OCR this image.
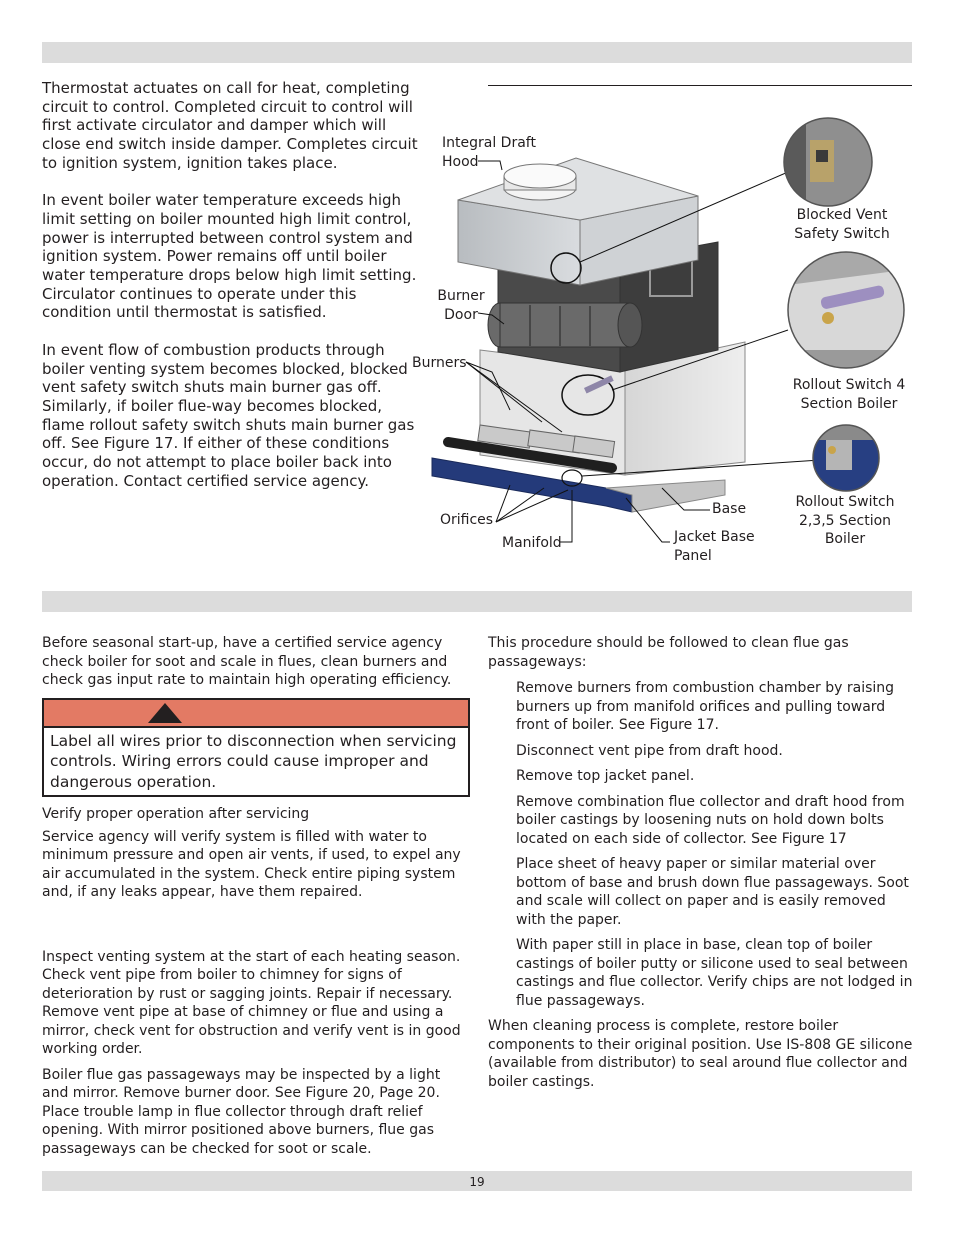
Thermostat actuates on call for heat, completing circuit to control. Completed circuit to control will first activate circulator and damper which will close end switch inside damper. Completes circuit to ignition system, ignition takes place.

In event boiler water temperature exceeds high limit setting on boiler mounted high limit control, power is interrupted between control system and ignition system. Power remains off until boiler water temperature drops below high limit setting. Circulator continues to operate under this condition until thermostat is satisfied.

In event flow of combustion products through boiler venting system becomes blocked, blocked vent safety switch shuts main burner gas off. Similarly, if boiler flue-way becomes blocked, flame rollout safety switch shuts main burner gas off. See Figure 17. If either of these conditions occur, do not attempt to place boiler back into operation. Contact certified service agency.

Integral Draft Hood
Burner Door
Burners
Orifices
Manifold	Jacket Base Panel
Base
Blocked Vent Safety Switch
Rollout Switch 4 Section Boiler
Rollout Switch 2,3,5 Section Boiler

Before seasonal start-up, have a certified service agency check boiler for soot and scale in flues, clean burners and check gas input rate to maintain high operating efficiency.

Label all wires prior to disconnection when servicing controls. Wiring errors could cause improper and dangerous operation.

Verify proper operation after servicing

Service agency will verify system is filled with water to minimum pressure and open air vents, if used, to expel any air accumulated in the system. Check entire piping system and, if any leaks appear, have them repaired.

Inspect venting system at the start of each heating season. Check vent pipe from boiler to chimney for signs of deterioration by rust or sagging joints. Repair if necessary. Remove vent pipe at base of chimney or flue and using a mirror, check vent for obstruction and verify vent is in good working order.

Boiler flue gas passageways may be inspected by a light and mirror. Remove burner door. See Figure 20, Page 20. Place trouble lamp in flue collector through draft relief opening. With mirror positioned above burners, flue gas passageways can be checked for soot or scale.

This procedure should be followed to clean flue gas passageways:

Remove burners from combustion chamber by raising burners up from manifold orifices and pulling toward front of boiler. See Figure 17.

Disconnect vent pipe from draft hood.

Remove top jacket panel.

Remove combination flue collector and draft hood from boiler castings by loosening nuts on hold down bolts located on each side of collector. See Figure 17

Place sheet of heavy paper or similar material over bottom of base and brush down flue passageways. Soot and scale will collect on paper and is easily removed with the paper.

With paper still in place in base, clean top of boiler castings of boiler putty or silicone used to seal between castings and flue collector. Verify chips are not lodged in flue passageways.

When cleaning process is complete, restore boiler components to their original position. Use IS-808 GE silicone (available from distributor) to seal around flue collector and boiler castings.

19
